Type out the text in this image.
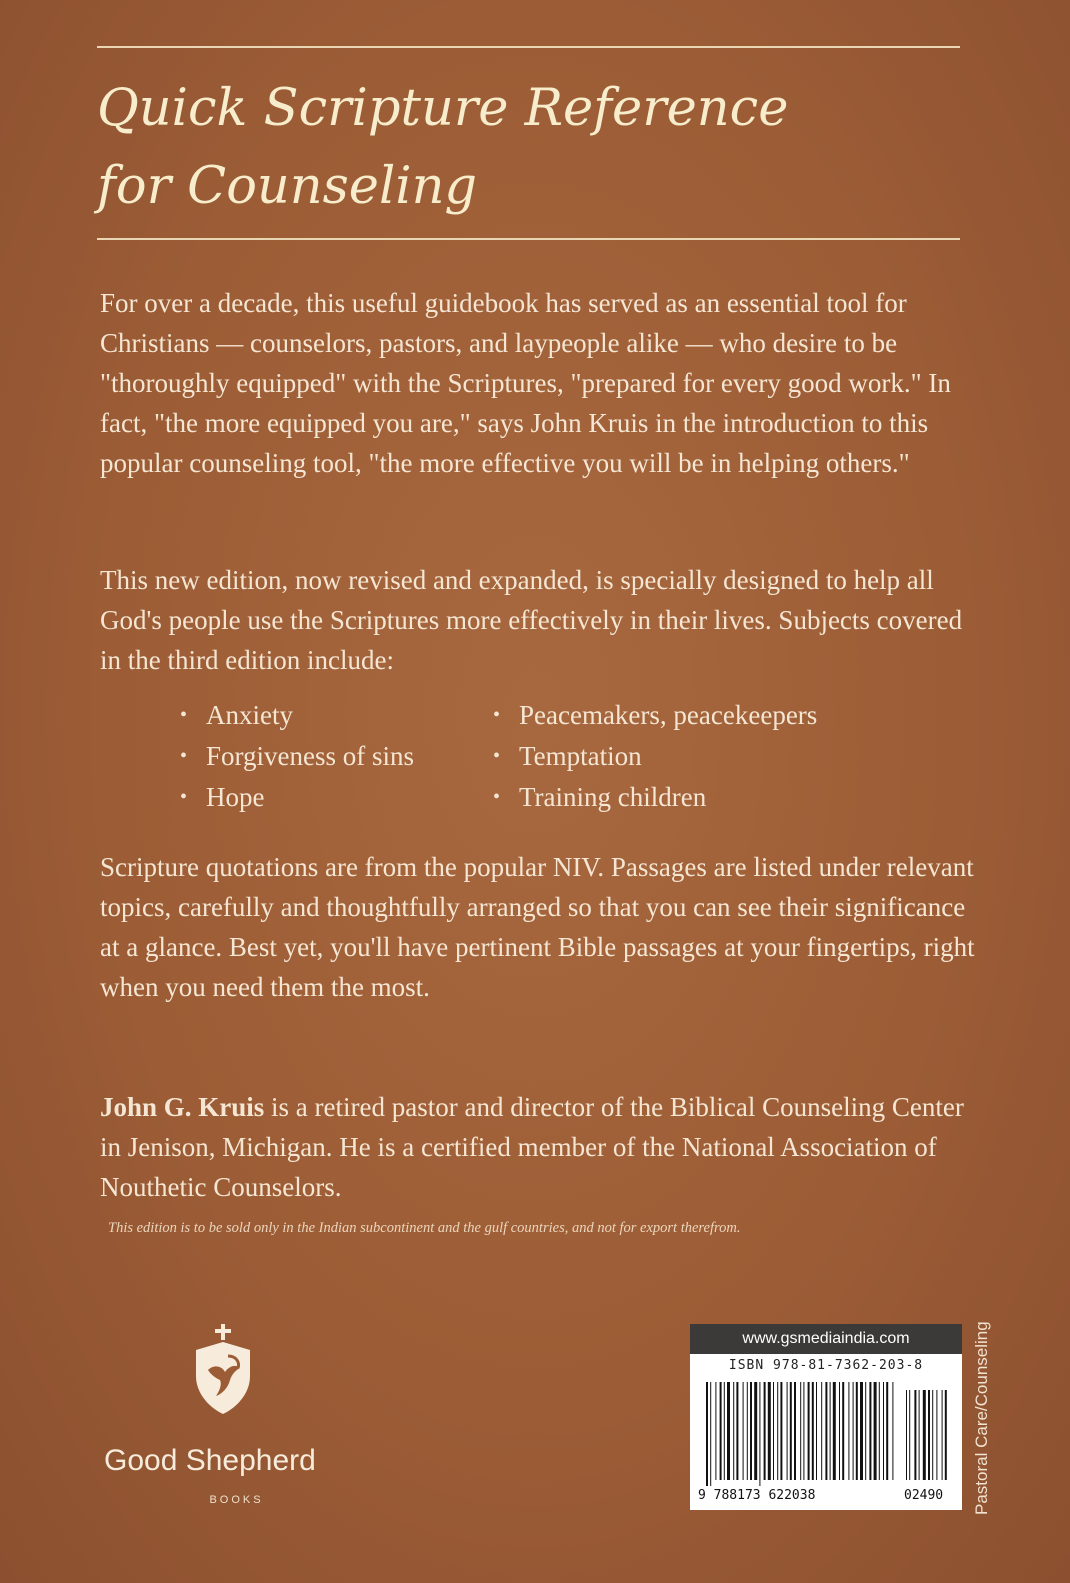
Quick Scripture Reference
for Counseling

For over a decade, this useful guidebook has served as an essential tool for Christians — counselors, pastors, and laypeople alike — who desire to be "thoroughly equipped" with the Scriptures, "prepared for every good work." In fact, "the more equipped you are," says John Kruis in the introduction to this popular counseling tool, "the more effective you will be in helping others."

This new edition, now revised and expanded, is specially designed to help all God's people use the Scriptures more effectively in their lives. Subjects covered in the third edition include:

• Anxiety
• Forgiveness of sins
• Hope
• Peacemakers, peacekeepers
• Temptation
• Training children

Scripture quotations are from the popular NIV. Passages are listed under relevant topics, carefully and thoughtfully arranged so that you can see their significance at a glance. Best yet, you'll have pertinent Bible passages at your fingertips, right when you need them the most.

John G. Kruis is a retired pastor and director of the Biblical Counseling Center in Jenison, Michigan. He is a certified member of the National Association of Nouthetic Counselors.

This edition is to be sold only in the Indian subcontinent and the gulf countries, and not for export therefrom.

Good Shepherd
BOOKS
www.gsmediaindia.com
ISBN 978-81-7362-203-8
9 788173 622038	02490 Pastoral Care/Counseling
